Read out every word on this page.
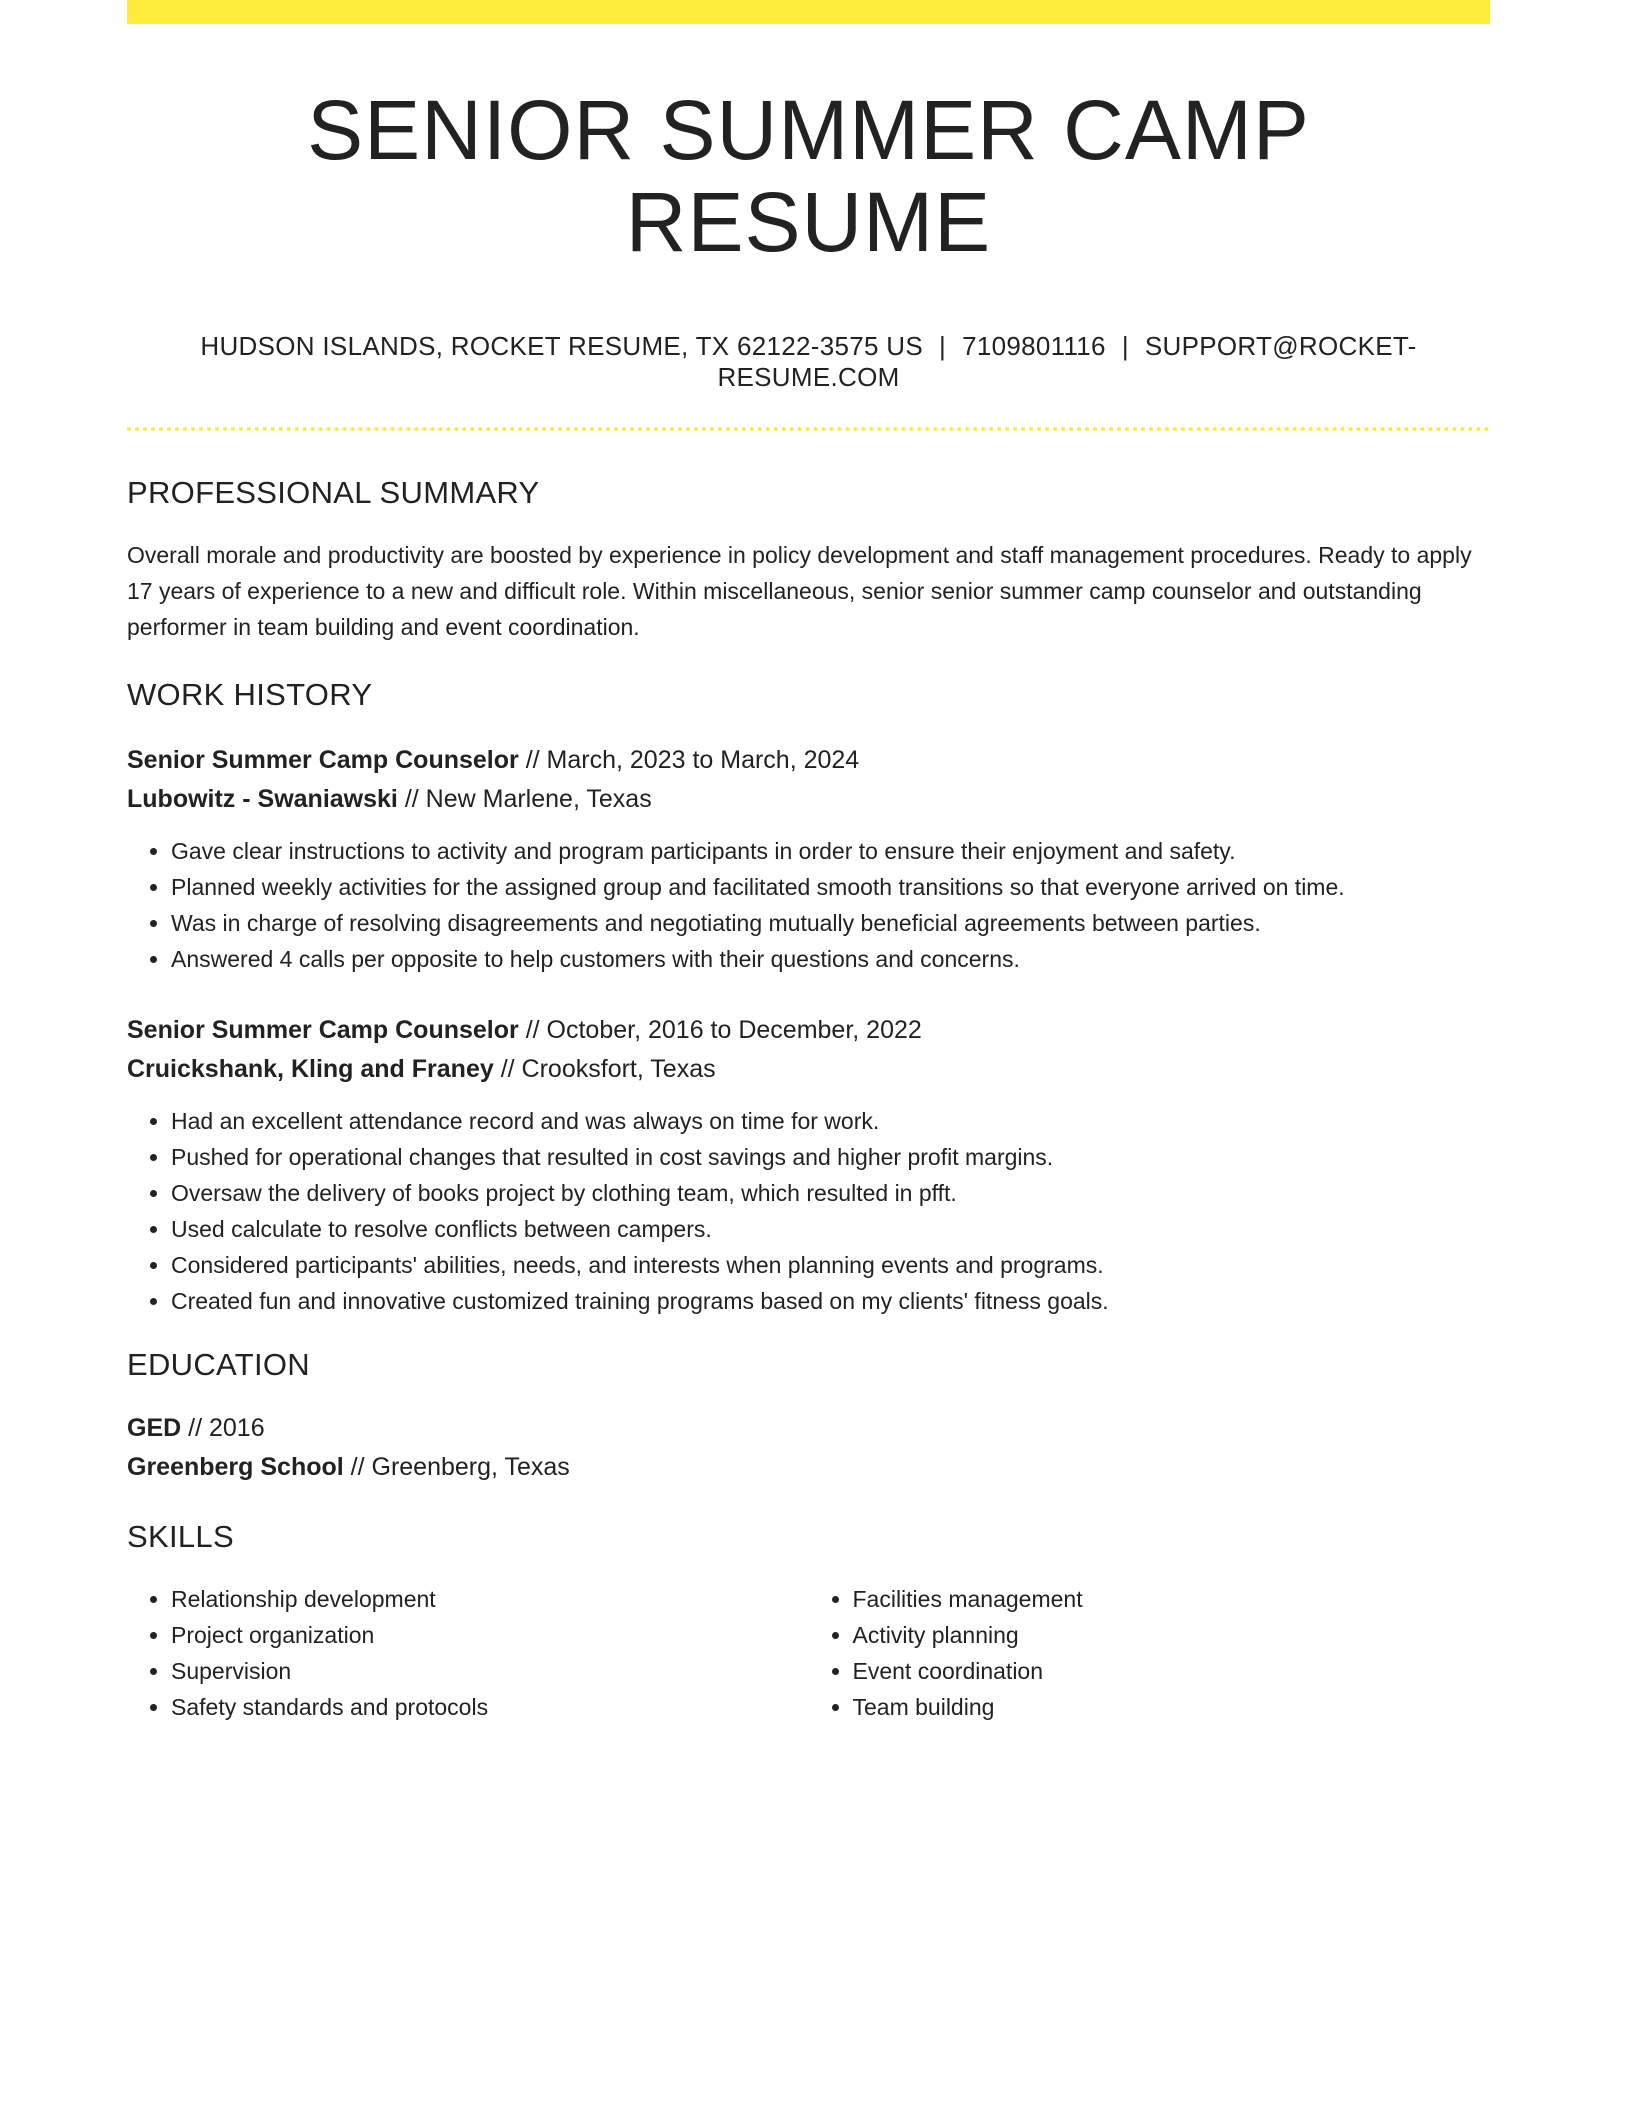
SENIOR SUMMER CAMP RESUME
HUDSON ISLANDS, ROCKET RESUME, TX 62122-3575 US | 7109801116 | SUPPORT@ROCKET-RESUME.COM
PROFESSIONAL SUMMARY
Overall morale and productivity are boosted by experience in policy development and staff management procedures. Ready to apply 17 years of experience to a new and difficult role. Within miscellaneous, senior senior summer camp counselor and outstanding performer in team building and event coordination.
WORK HISTORY
Senior Summer Camp Counselor // March, 2023 to March, 2024
Lubowitz - Swaniawski // New Marlene, Texas
• Gave clear instructions to activity and program participants in order to ensure their enjoyment and safety.
• Planned weekly activities for the assigned group and facilitated smooth transitions so that everyone arrived on time.
• Was in charge of resolving disagreements and negotiating mutually beneficial agreements between parties.
• Answered 4 calls per opposite to help customers with their questions and concerns.
Senior Summer Camp Counselor // October, 2016 to December, 2022
Cruickshank, Kling and Franey // Crooksfort, Texas
• Had an excellent attendance record and was always on time for work.
• Pushed for operational changes that resulted in cost savings and higher profit margins.
• Oversaw the delivery of books project by clothing team, which resulted in pfft.
• Used calculate to resolve conflicts between campers.
• Considered participants' abilities, needs, and interests when planning events and programs.
• Created fun and innovative customized training programs based on my clients' fitness goals.
EDUCATION
GED // 2016
Greenberg School // Greenberg, Texas
SKILLS
• Relationship development
• Project organization
• Supervision
• Safety standards and protocols
• Facilities management
• Activity planning
• Event coordination
• Team building
